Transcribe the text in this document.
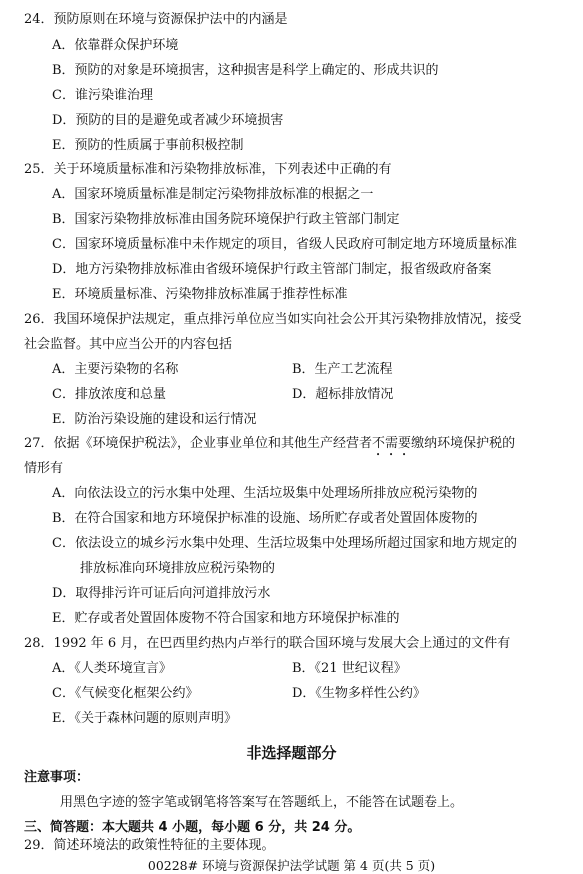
24．预防原则在环境与资源保护法中的内涵是
A．依靠群众保护环境
B．预防的对象是环境损害，这种损害是科学上确定的、形成共识的
C．谁污染谁治理
D．预防的目的是避免或者减少环境损害
E．预防的性质属于事前积极控制
25．关于环境质量标准和污染物排放标准，下列表述中正确的有
A．国家环境质量标准是制定污染物排放标准的根据之一
B．国家污染物排放标准由国务院环境保护行政主管部门制定
C．国家环境质量标准中未作规定的项目，省级人民政府可制定地方环境质量标准
D．地方污染物排放标准由省级环境保护行政主管部门制定，报省级政府备案
E．环境质量标准、污染物排放标准属于推荐性标准
26．我国环境保护法规定，重点排污单位应当如实向社会公开其污染物排放情况，接受
社会监督。其中应当公开的内容包括
A．主要污染物的名称	B．生产工艺流程
C．排放浓度和总量	D．超标排放情况
E．防治污染设施的建设和运行情况
27．依据《环境保护税法》，企业事业单位和其他生产经营者不需要缴纳环境保护税的
情形有
A．向依法设立的污水集中处理、生活垃圾集中处理场所排放应税污染物的
B．在符合国家和地方环境保护标准的设施、场所贮存或者处置固体废物的
C．依法设立的城乡污水集中处理、生活垃圾集中处理场所超过国家和地方规定的
排放标准向环境排放应税污染物的
D．取得排污许可证后向河道排放污水
E．贮存或者处置固体废物不符合国家和地方环境保护标准的
28．1992 年 6 月，在巴西里约热内卢举行的联合国环境与发展大会上通过的文件有
A．《人类环境宣言》	B．《21 世纪议程》
C．《气候变化框架公约》	D．《生物多样性公约》
E．《关于森林问题的原则声明》
非选择题部分
注意事项：
用黑色字迹的签字笔或钢笔将答案写在答题纸上，不能答在试题卷上。
三、简答题：本大题共 4 小题，每小题 6 分，共 24 分。
29．简述环境法的政策性特征的主要体现。
00228# 环境与资源保护法学试题 第 4 页(共 5 页)
